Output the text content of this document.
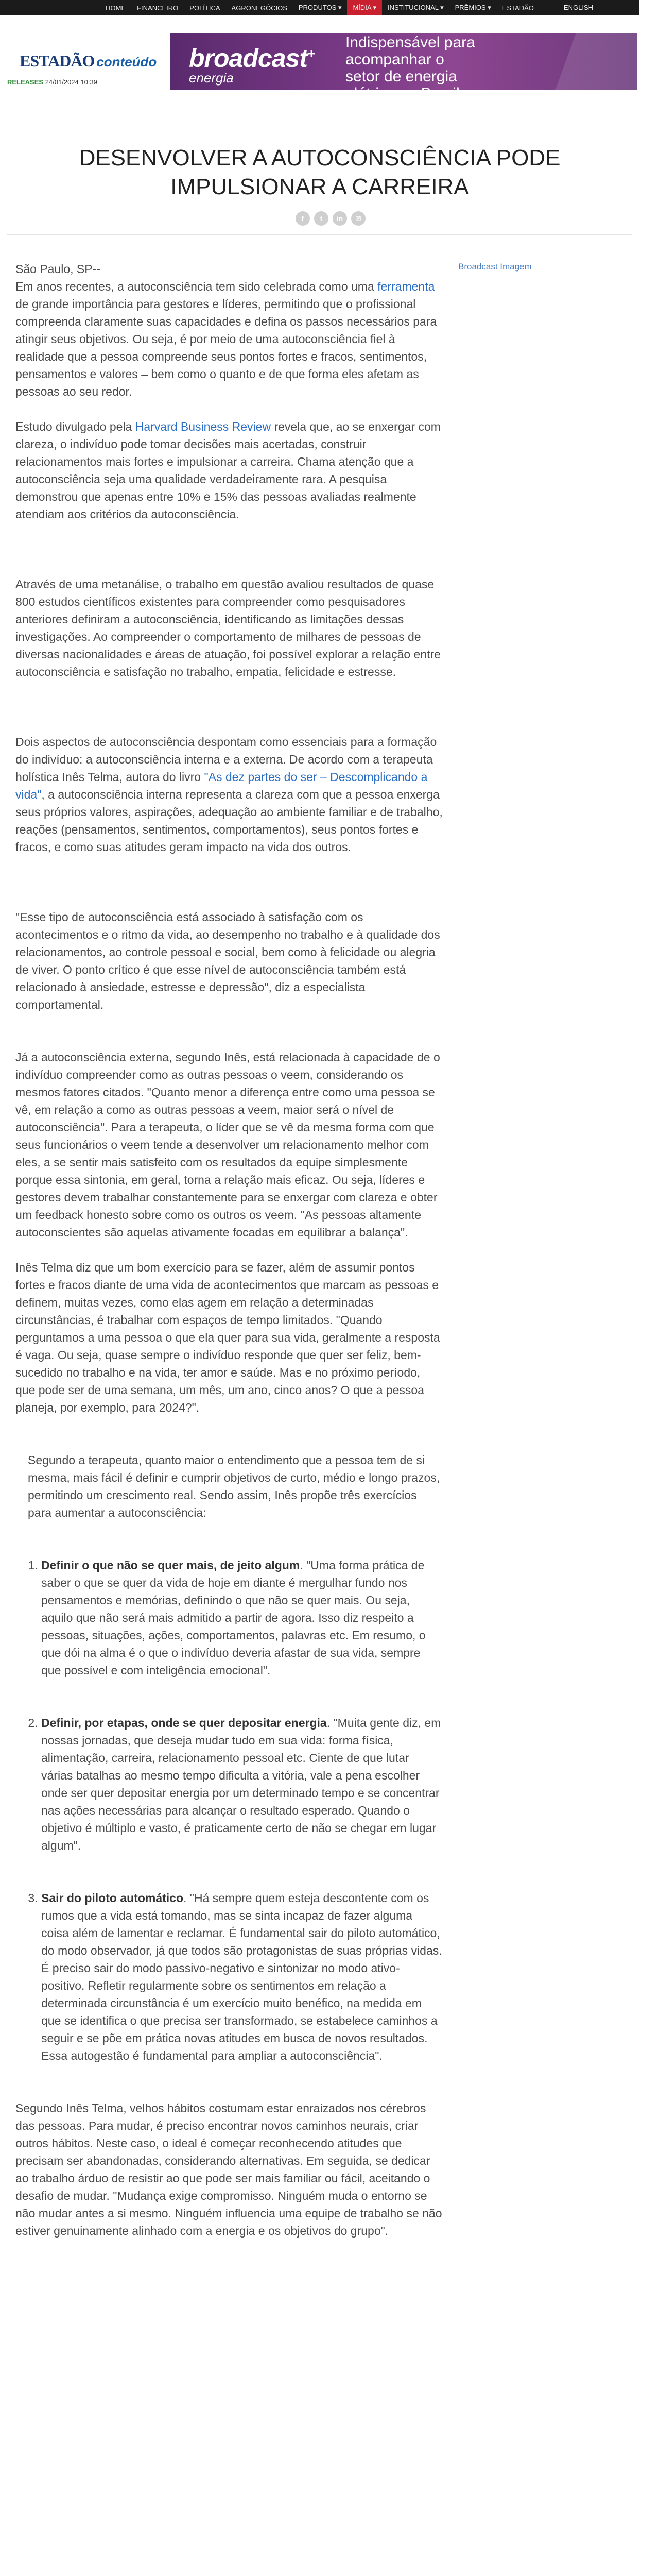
HOME	FINANCEIRO	POLÍTICA	AGRONEGÓCIOS	PRODUTOS ▾	MÍDIA ▾	INSTITUCIONAL ▾	PRÊMIOS ▾	ESTADÃO	ENGLISH
ESTADÃO conteúdo broadcast+
energia
Indispensável para
acompanhar o
setor de energia
elétrica no Brasil
RELEASES 24/01/2024 10:39
DESENVOLVER A AUTOCONSCIÊNCIA PODE IMPULSIONAR A CARREIRA
f	t	in	✉
Broadcast Imagem

São Paulo, SP--
Em anos recentes, a autoconsciência tem sido celebrada como uma ferramenta de grande importância para gestores e líderes, permitindo que o profissional compreenda claramente suas capacidades e defina os passos necessários para atingir seus objetivos. Ou seja, é por meio de uma autoconsciência fiel à realidade que a pessoa compreende seus pontos fortes e fracos, sentimentos, pensamentos e valores – bem como o quanto e de que forma eles afetam as pessoas ao seu redor.

Estudo divulgado pela Harvard Business Review revela que, ao se enxergar com clareza, o indivíduo pode tomar decisões mais acertadas, construir relacionamentos mais fortes e impulsionar a carreira. Chama atenção que a autoconsciência seja uma qualidade verdadeiramente rara. A pesquisa demonstrou que apenas entre 10% e 15% das pessoas avaliadas realmente atendiam aos critérios da autoconsciência.

Através de uma metanálise, o trabalho em questão avaliou resultados de quase 800 estudos científicos existentes para compreender como pesquisadores anteriores definiram a autoconsciência, identificando as limitações dessas investigações. Ao compreender o comportamento de milhares de pessoas de diversas nacionalidades e áreas de atuação, foi possível explorar a relação entre autoconsciência e satisfação no trabalho, empatia, felicidade e estresse.

Dois aspectos de autoconsciência despontam como essenciais para a formação do indivíduo: a autoconsciência interna e a externa. De acordo com a terapeuta holística Inês Telma, autora do livro "As dez partes do ser – Descomplicando a vida", a autoconsciência interna representa a clareza com que a pessoa enxerga seus próprios valores, aspirações, adequação ao ambiente familiar e de trabalho, reações (pensamentos, sentimentos, comportamentos), seus pontos fortes e fracos, e como suas atitudes geram impacto na vida dos outros.

"Esse tipo de autoconsciência está associado à satisfação com os acontecimentos e o ritmo da vida, ao desempenho no trabalho e à qualidade dos relacionamentos, ao controle pessoal e social, bem como à felicidade ou alegria de viver. O ponto crítico é que esse nível de autoconsciência também está relacionado à ansiedade, estresse e depressão", diz a especialista comportamental.

Já a autoconsciência externa, segundo Inês, está relacionada à capacidade de o indivíduo compreender como as outras pessoas o veem, considerando os mesmos fatores citados. "Quanto menor a diferença entre como uma pessoa se vê, em relação a como as outras pessoas a veem, maior será o nível de autoconsciência". Para a terapeuta, o líder que se vê da mesma forma com que seus funcionários o veem tende a desenvolver um relacionamento melhor com eles, a se sentir mais satisfeito com os resultados da equipe simplesmente porque essa sintonia, em geral, torna a relação mais eficaz. Ou seja, líderes e gestores devem trabalhar constantemente para se enxergar com clareza e obter um feedback honesto sobre como os outros os veem. "As pessoas altamente autoconscientes são aquelas ativamente focadas em equilibrar a balança".

Inês Telma diz que um bom exercício para se fazer, além de assumir pontos fortes e fracos diante de uma vida de acontecimentos que marcam as pessoas e definem, muitas vezes, como elas agem em relação a determinadas circunstâncias, é trabalhar com espaços de tempo limitados. "Quando perguntamos a uma pessoa o que ela quer para sua vida, geralmente a resposta é vaga. Ou seja, quase sempre o indivíduo responde que quer ser feliz, bem-sucedido no trabalho e na vida, ter amor e saúde. Mas e no próximo período, que pode ser de uma semana, um mês, um ano, cinco anos? O que a pessoa planeja, por exemplo, para 2024?".

Segundo a terapeuta, quanto maior o entendimento que a pessoa tem de si mesma, mais fácil é definir e cumprir objetivos de curto, médio e longo prazos, permitindo um crescimento real. Sendo assim, Inês propõe três exercícios para aumentar a autoconsciência:

1. Definir o que não se quer mais, de jeito algum. "Uma forma prática de saber o que se quer da vida de hoje em diante é mergulhar fundo nos pensamentos e memórias, definindo o que não se quer mais. Ou seja, aquilo que não será mais admitido a partir de agora. Isso diz respeito a pessoas, situações, ações, comportamentos, palavras etc. Em resumo, o que dói na alma é o que o indivíduo deveria afastar de sua vida, sempre que possível e com inteligência emocional".
2. Definir, por etapas, onde se quer depositar energia. "Muita gente diz, em nossas jornadas, que deseja mudar tudo em sua vida: forma física, alimentação, carreira, relacionamento pessoal etc. Ciente de que lutar várias batalhas ao mesmo tempo dificulta a vitória, vale a pena escolher onde ser quer depositar energia por um determinado tempo e se concentrar nas ações necessárias para alcançar o resultado esperado. Quando o objetivo é múltiplo e vasto, é praticamente certo de não se chegar em lugar algum".
3. Sair do piloto automático. "Há sempre quem esteja descontente com os rumos que a vida está tomando, mas se sinta incapaz de fazer alguma coisa além de lamentar e reclamar. É fundamental sair do piloto automático, do modo observador, já que todos são protagonistas de suas próprias vidas. É preciso sair do modo passivo-negativo e sintonizar no modo ativo-positivo. Refletir regularmente sobre os sentimentos em relação a determinada circunstância é um exercício muito benéfico, na medida em que se identifica o que precisa ser transformado, se estabelece caminhos a seguir e se põe em prática novas atitudes em busca de novos resultados. Essa autogestão é fundamental para ampliar a autoconsciência".

Segundo Inês Telma, velhos hábitos costumam estar enraizados nos cérebros das pessoas. Para mudar, é preciso encontrar novos caminhos neurais, criar outros hábitos. Neste caso, o ideal é começar reconhecendo atitudes que precisam ser abandonadas, considerando alternativas. Em seguida, se dedicar ao trabalho árduo de resistir ao que pode ser mais familiar ou fácil, aceitando o desafio de mudar. "Mudança exige compromisso. Ninguém muda o entorno se não mudar antes a si mesmo. Ninguém influencia uma equipe de trabalho se não estiver genuinamente alinhado com a energia e os objetivos do grupo".
